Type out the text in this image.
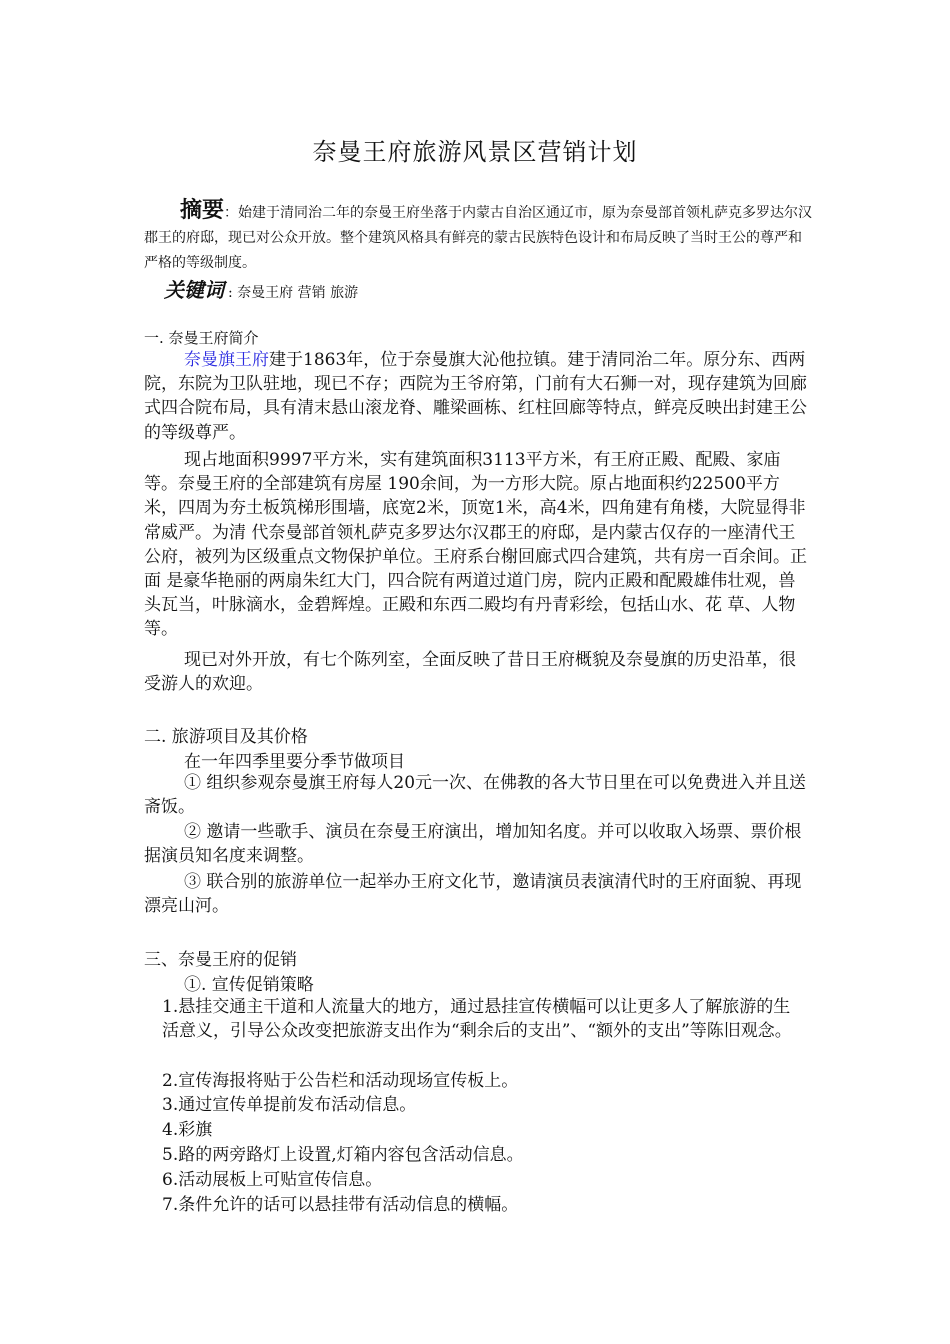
奈曼王府旅游风景区营销计划
摘要：始建于清同治二年的奈曼王府坐落于内蒙古自治区通辽市，原为奈曼部首领札萨克多罗达尔汉郡王的府邸，现已对公众开放。整个建筑风格具有鲜亮的蒙古民族特色设计和布局反映了当时王公的尊严和严格的等级制度。
关键词 : 奈曼王府 营销 旅游
一. 奈曼王府简介
奈曼旗王府建于1863年，位于奈曼旗大沁他拉镇。建于清同治二年。原分东、西两院，东院为卫队驻地，现已不存；西院为王爷府第，门前有大石狮一对，现存建筑为回廊式四合院布局，具有清末悬山滚龙脊、雕梁画栋、红柱回廊等特点，鲜亮反映出封建王公的等级尊严。
现占地面积9997平方米，实有建筑面积3113平方米，有王府正殿、配殿、家庙等。奈曼王府的全部建筑有房屋 190余间，为一方形大院。原占地面积约22500平方米，四周为夯土板筑梯形围墙，底宽2米，顶宽1米，高4米，四角建有角楼，大院显得非常威严。为清 代奈曼部首领札萨克多罗达尔汉郡王的府邸，是内蒙古仅存的一座清代王公府，被列为区级重点文物保护单位。王府系台榭回廊式四合建筑，共有房一百余间。正面 是豪华艳丽的两扇朱红大门，四合院有两道过道门房，院内正殿和配殿雄伟壮观，兽头瓦当，叶脉滴水，金碧辉煌。正殿和东西二殿均有丹青彩绘，包括山水、花 草、人物等。
现已对外开放，有七个陈列室，全面反映了昔日王府概貌及奈曼旗的历史沿革，很受游人的欢迎。
二. 旅游项目及其价格
在一年四季里要分季节做项目
① 组织参观奈曼旗王府每人20元一次、在佛教的各大节日里在可以免费进入并且送斋饭。
② 邀请一些歌手、演员在奈曼王府演出，增加知名度。并可以收取入场票、票价根据演员知名度来调整。
③ 联合别的旅游单位一起举办王府文化节，邀请演员表演清代时的王府面貌、再现漂亮山河。
三、奈曼王府的促销
①. 宣传促销策略
1.悬挂交通主干道和人流量大的地方，通过悬挂宣传横幅可以让更多人了解旅游的生活意义，引导公众改变把旅游支出作为“剩余后的支出”、“额外的支出”等陈旧观念。
2.宣传海报将贴于公告栏和活动现场宣传板上。
3.通过宣传单提前发布活动信息。
4.彩旗
5.路的两旁路灯上设置,灯箱内容包含活动信息。
6.活动展板上可贴宣传信息。
7.条件允许的话可以悬挂带有活动信息的横幅。
